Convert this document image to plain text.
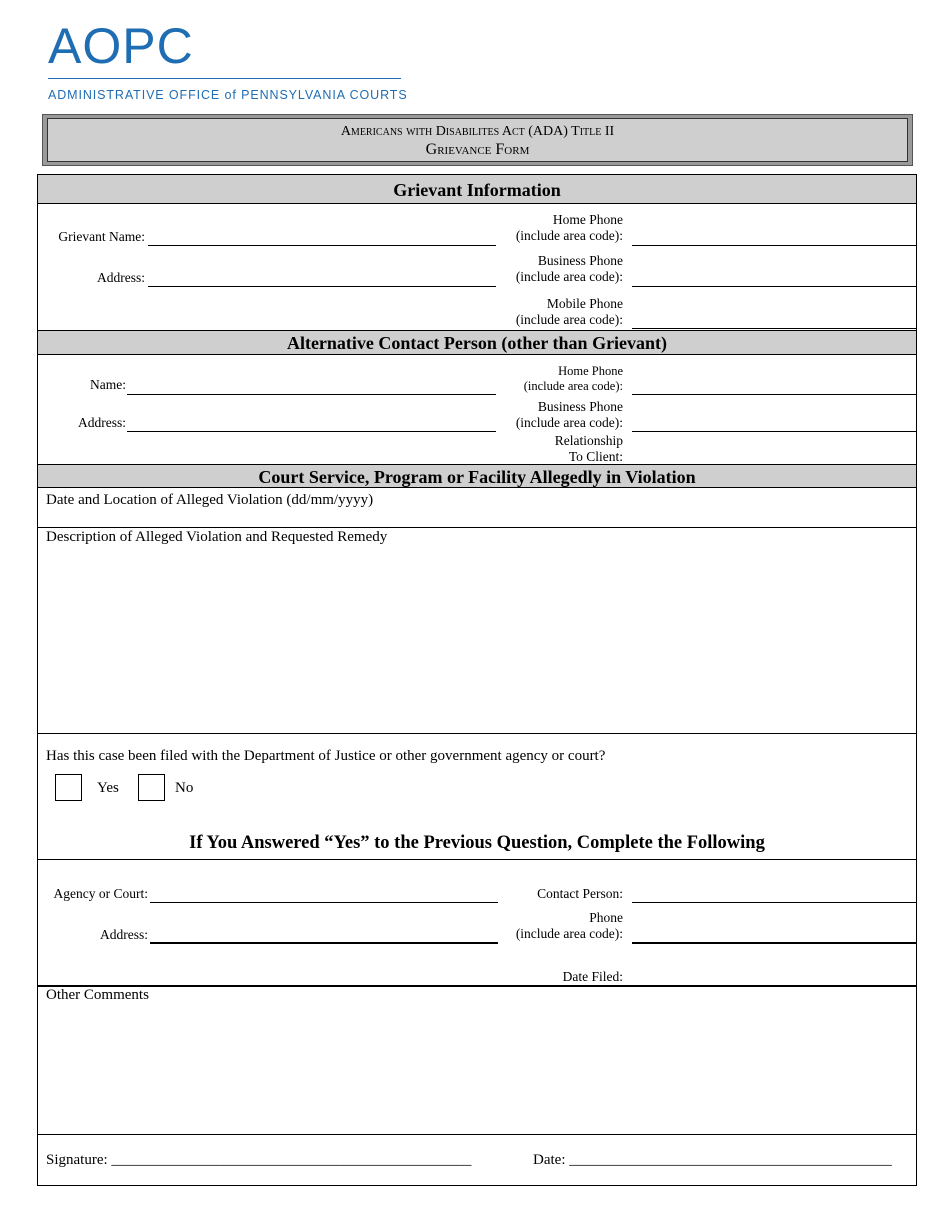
AOPC
ADMINISTRATIVE OFFICE of PENNSYLVANIA COURTS
Americans with Disabilites Act (ADA) Title II
Grievance Form
Grievant Information
Grievant Name:
Address:
Home Phone
(include area code):
Business Phone
(include area code):
Mobile Phone
(include area code):
Alternative Contact Person (other than Grievant)
Name:
Address:
Home Phone
(include area code):
Business Phone
(include area code):
Relationship
To Client:
Court Service, Program or Facility Allegedly in Violation
Date and Location of Alleged Violation (dd/mm/yyyy)
Description of Alleged Violation and Requested Remedy
Has this case been filed with the Department of Justice or other government agency or court?
Yes	No
If You Answered “Yes” to the Previous Question, Complete the Following
Agency or Court:
Address:
Contact Person:
Phone
(include area code):
Date Filed:
Other Comments
Signature: ________________________________________________	Date: ___________________________________________
